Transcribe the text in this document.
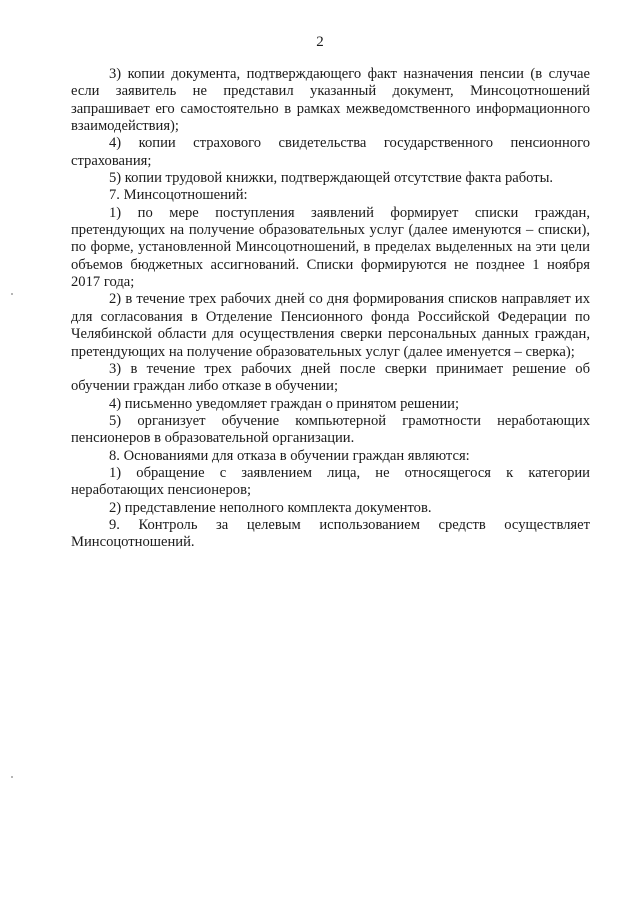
2

3) копии документа, подтверждающего факт назначения пенсии (в случае если заявитель не представил указанный документ, Минсоцотношений запрашивает его самостоятельно в рамках межведомственного информационного взаимодействия);

4) копии страхового свидетельства государственного пенсионного страхования;

5) копии трудовой книжки, подтверждающей отсутствие факта работы.

7. Минсоцотношений:

1) по мере поступления заявлений формирует списки граждан, претендующих на получение образовательных услуг (далее именуются – списки), по форме, установленной Минсоцотношений, в пределах выделенных на эти цели объемов бюджетных ассигнований. Списки формируются не позднее 1 ноября 2017 года;

2) в течение трех рабочих дней со дня формирования списков направляет их для согласования в Отделение Пенсионного фонда Российской Федерации по Челябинской области для осуществления сверки персональных данных граждан, претендующих на получение образовательных услуг (далее именуется – сверка);

3) в течение трех рабочих дней после сверки принимает решение об обучении граждан либо отказе в обучении;

4) письменно уведомляет граждан о принятом решении;

5) организует обучение компьютерной грамотности неработающих пенсионеров в образовательной организации.

8. Основаниями для отказа в обучении граждан являются:

1) обращение с заявлением лица, не относящегося к категории неработающих пенсионеров;

2) представление неполного комплекта документов.

9. Контроль за целевым использованием средств осуществляет Минсоцотношений.
